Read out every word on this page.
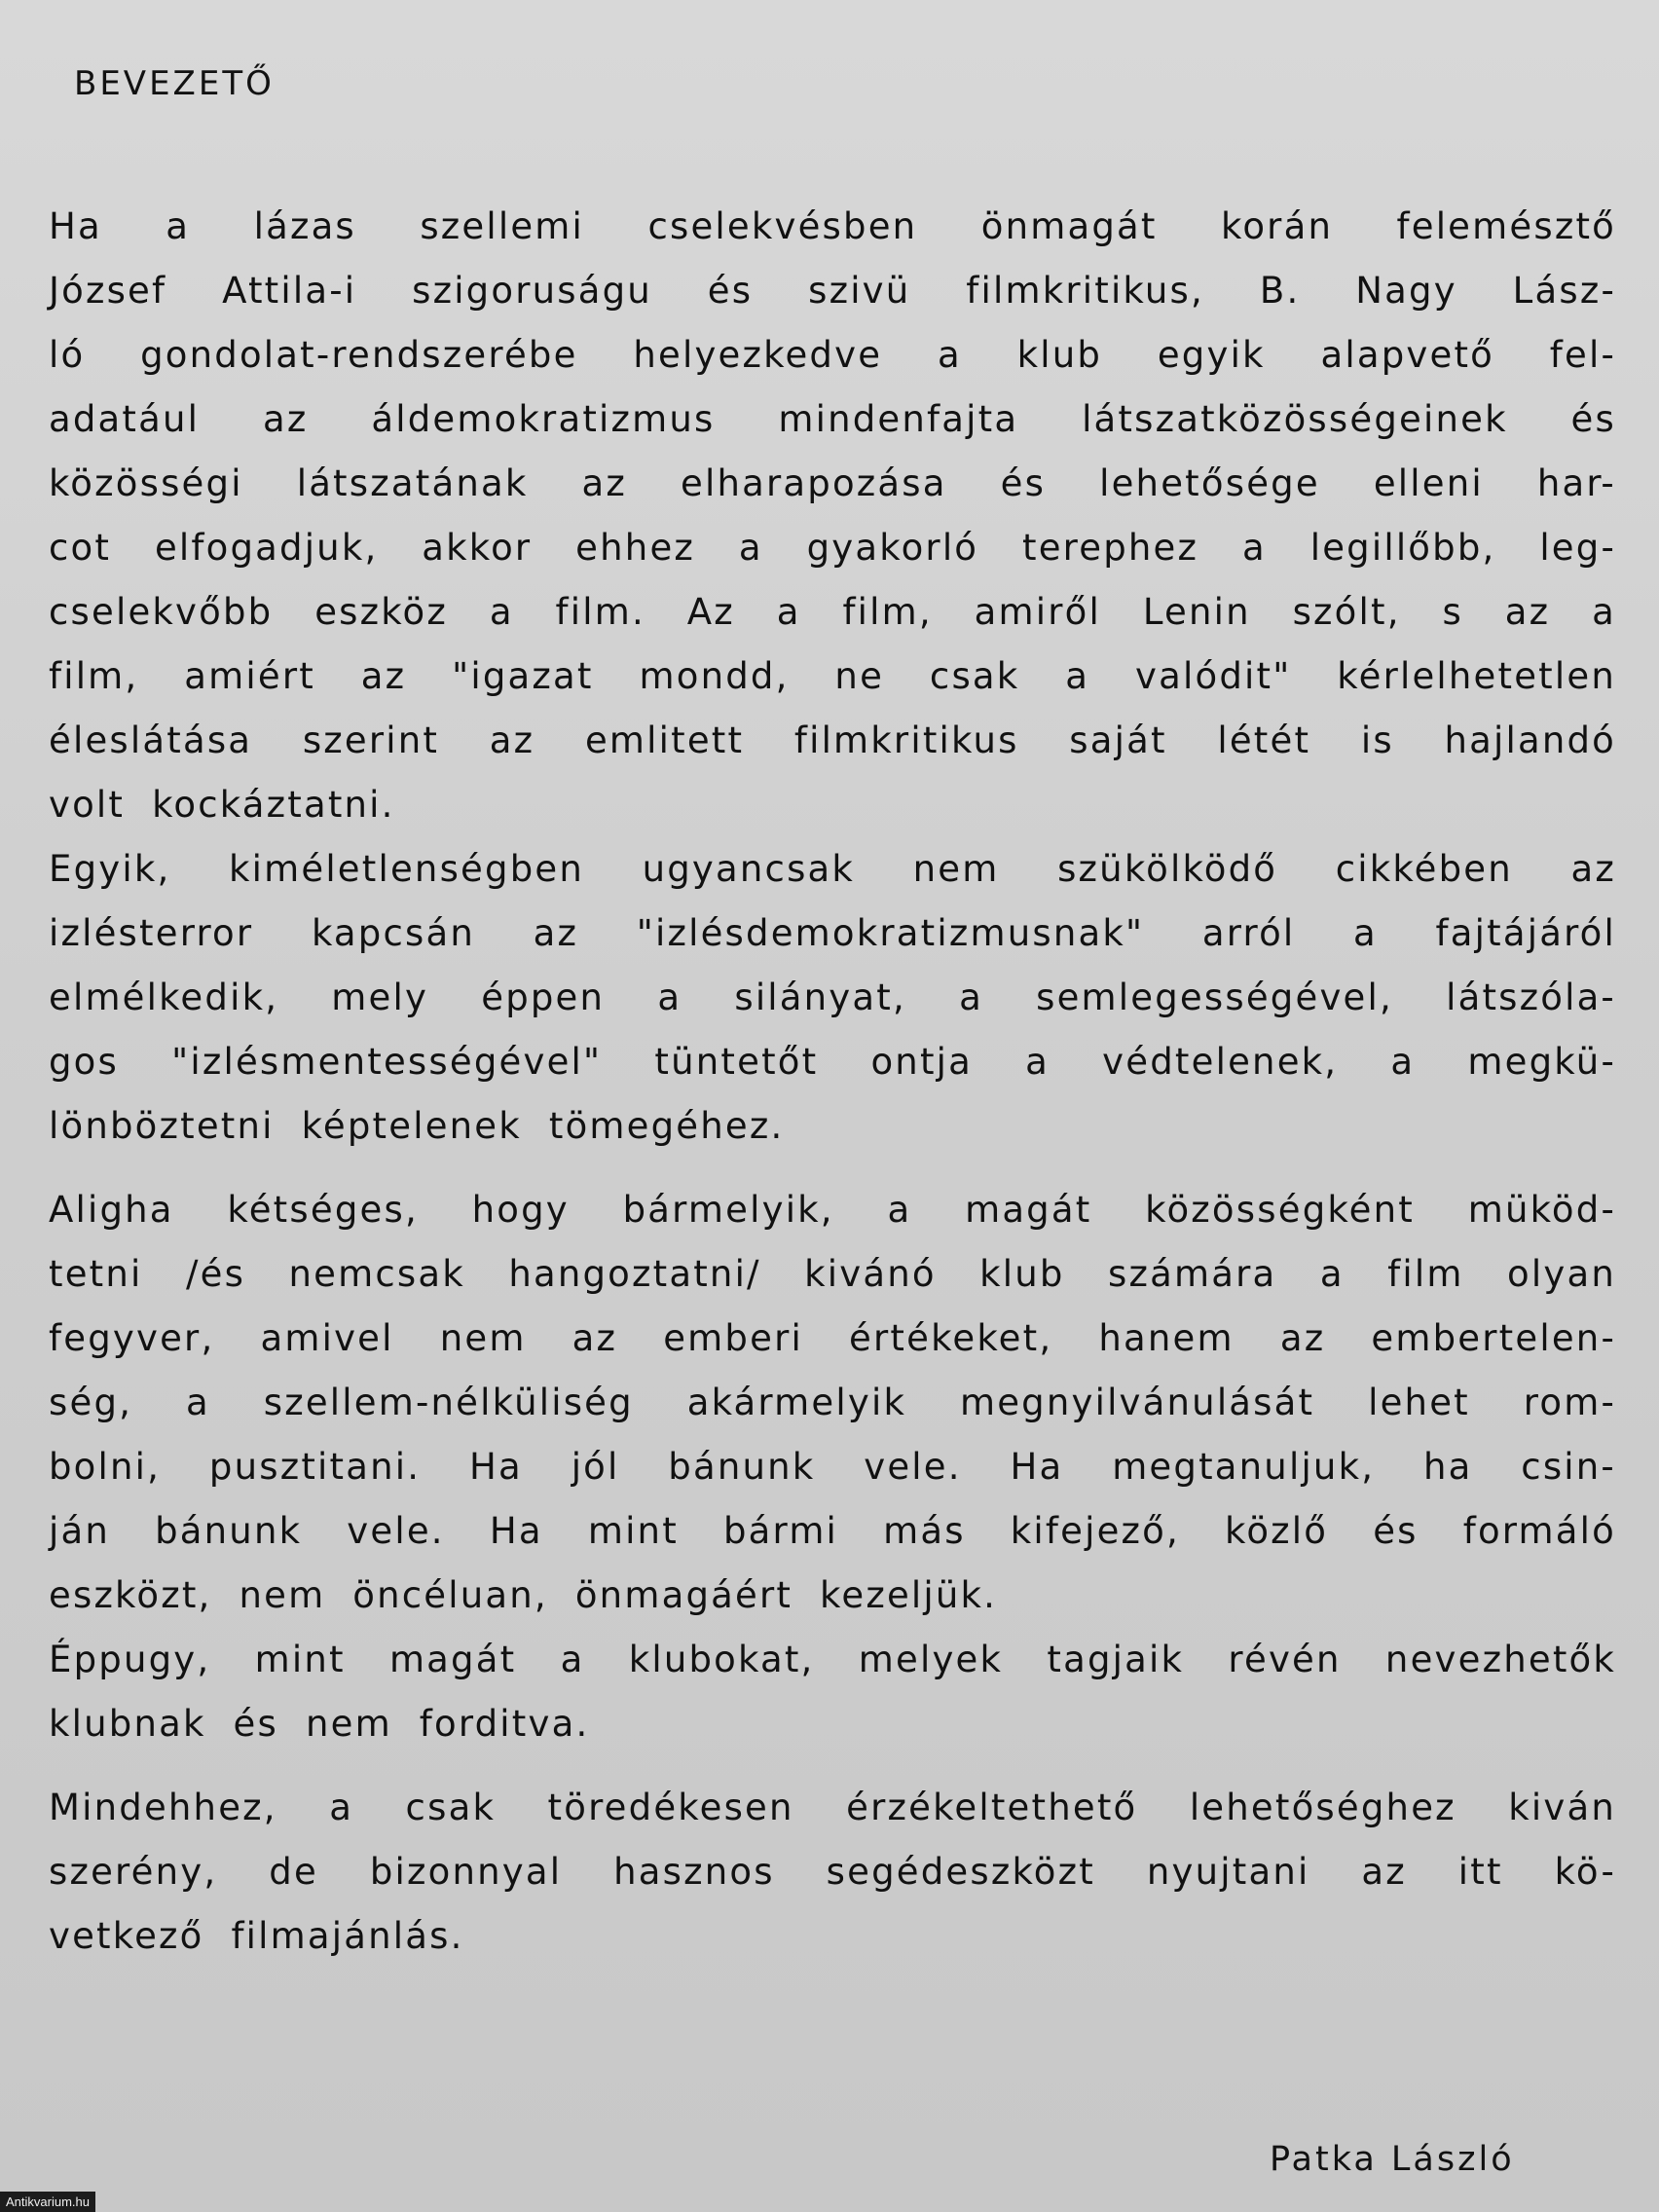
BEVEZETŐ
Ha a lázas szellemi cselekvésben önmagát korán felemésztő
József Attila-i szigoruságu és szivü filmkritikus, B. Nagy Lász-
ló gondolat-rendszerébe helyezkedve a klub egyik alapvető fel-
adatául az áldemokratizmus mindenfajta látszatközösségeinek és
közösségi látszatának az elharapozása és lehetősége elleni har-
cot elfogadjuk, akkor ehhez a gyakorló terephez a legillőbb, leg-
cselekvőbb eszköz a film. Az a film, amiről Lenin szólt, s az a
film, amiért az "igazat mondd, ne csak a valódit" kérlelhetetlen
éleslátása szerint az emlitett filmkritikus saját létét is hajlandó
volt kockáztatni.
Egyik, kiméletlenségben ugyancsak nem szükölködő cikkében az
izlésterror kapcsán az "izlésdemokratizmusnak" arról a fajtájáról
elmélkedik, mely éppen a silányat, a semlegességével, látszóla-
gos "izlésmentességével" tüntetőt ontja a védtelenek, a megkü-
lönböztetni képtelenek tömegéhez.
Aligha kétséges, hogy bármelyik, a magát közösségként müköd-
tetni /és nemcsak hangoztatni/ kivánó klub számára a film olyan
fegyver, amivel nem az emberi értékeket, hanem az embertelen-
ség, a szellem-nélküliség akármelyik megnyilvánulását lehet rom-
bolni, pusztitani. Ha jól bánunk vele. Ha megtanuljuk, ha csin-
ján bánunk vele. Ha mint bármi más kifejező, közlő és formáló
eszközt, nem öncéluan, önmagáért kezeljük.
Éppugy, mint magát a klubokat, melyek tagjaik révén nevezhetők
klubnak és nem forditva.
Mindehhez, a csak töredékesen érzékeltethető lehetőséghez kiván
szerény, de bizonnyal hasznos segédeszközt nyujtani az itt kö-
vetkező filmajánlás.
Patka László
Antikvarium.hu
